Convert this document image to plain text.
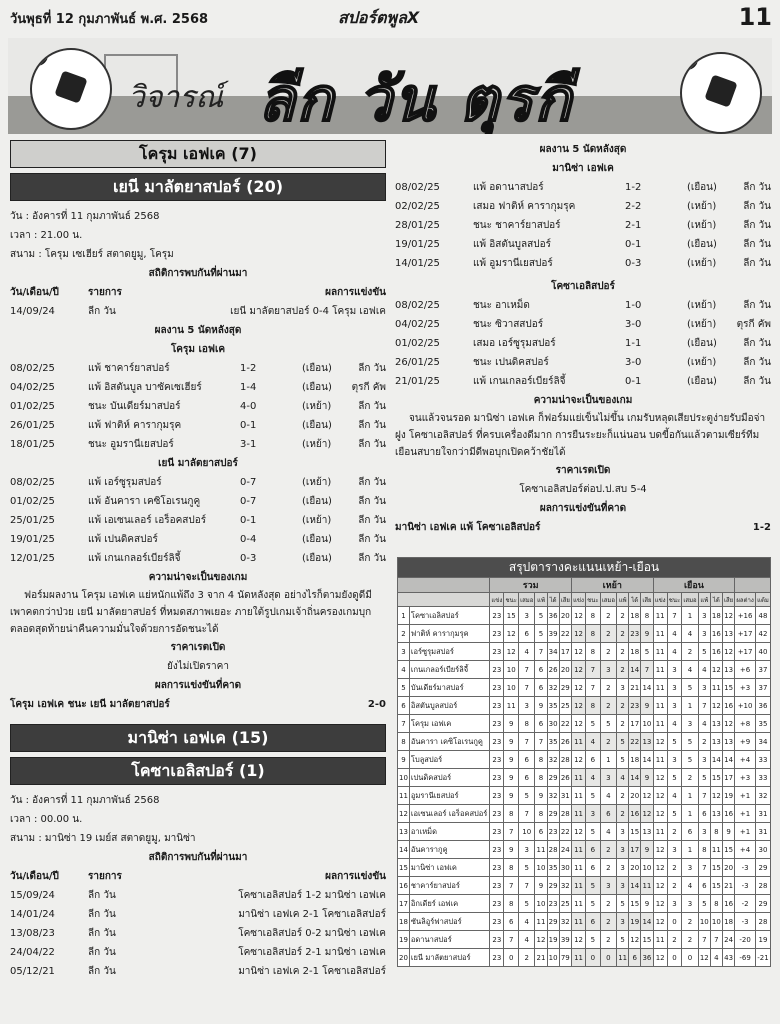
วันพุธที่ 12 กุมภาพันธ์ พ.ศ. 2568	สปอร์ตพูลX	11
วิจารณ์ ลีก วัน ตุรกี
โครุม เอฟเค (7)
เยนี มาลัตยาสปอร์ (20)
วัน : อังคารที่ 11 กุมภาพันธ์ 2568
เวลา : 21.00 น.
สนาม : โครุม เซเฮียร์ สตาดยูมู, โครุม
สถิติการพบกันที่ผ่านมา
วัน/เดือน/ปี	รายการ	ผลการแข่งขัน
14/09/24	ลีก วัน	เยนี มาลัตยาสปอร์ 0-4 โครุม เอฟเค
ผลงาน 5 นัดหลังสุด
โครุม เอฟเค
08/02/25	แพ้ ชาคาร์ยาสปอร์	1-2	(เยือน)	ลีก วัน
04/02/25	แพ้ อิสตันบูล บาซัคเซเฮียร์	1-4	(เยือน) ตุรกี คัพ
01/02/25	ชนะ บันเดียร์มาสปอร์	4-0	(เหย้า)	ลีก วัน
26/01/25	แพ้ ฟาติห์ คารากุมรุค	0-1	(เยือน)	ลีก วัน
18/01/25	ชนะ อูมรานีเยสปอร์	3-1	(เหย้า)	ลีก วัน
เยนี มาลัตยาสปอร์
08/02/25	แพ้ เอร์ซูรุมสปอร์	0-7	(เหย้า)	ลีก วัน
01/02/25	แพ้ อันคารา เคซิโอเรนกูคู	0-7	(เยือน)	ลีก วัน
25/01/25	แพ้ เอเซนเลอร์ เอร็อคสปอร์	0-1	(เหย้า)	ลีก วัน
19/01/25	แพ้ เปนดิคสปอร์	0-4	(เยือน)	ลีก วัน
12/01/25	แพ้ เกนเกลอร์เบียร์ลิจี้	0-3	(เยือน)	ลีก วัน
ความน่าจะเป็นของเกม
ฟอร์มผลงาน โครุม เอฟเค แย่หนักแพ้ถึง 3 จาก 4 นัดหลังสุด อย่างไรก็ตามยังดูดีมีเพาคตกว่าป่วย เยนี มาลัตยาสปอร์ ที่หมดสภาพเยอะ ภายใต้รูปเกมเจ้าถิ่นครองเกมบุกตลอดสุดท้ายน่าคืนความมั่นใจด้วยการอัดชนะได้
ราคาเรตเปิด
ยังไม่เปิดราคา
ผลการแข่งขันที่คาด
โครุม เอฟเค ชนะ เยนี มาลัตยาสปอร์	2-0
มานิซ่า เอฟเค (15)
โคซาเอลิสปอร์ (1)
วัน : อังคารที่ 11 กุมภาพันธ์ 2568
เวลา : 00.00 น.
สนาม : มานิซ่า 19 เมย์ส สตาดยูมู, มานิซ่า
สถิติการพบกันที่ผ่านมา
วัน/เดือน/ปี	รายการ	ผลการแข่งขัน
15/09/24	ลีก วัน	โคซาเอลิสปอร์ 1-2 มานิซ่า เอฟเค
14/01/24	ลีก วัน	มานิซ่า เอฟเค 2-1 โคซาเอลิสปอร์
13/08/23	ลีก วัน	โคซาเอลิสปอร์ 0-2 มานิซ่า เอฟเค
24/04/22	ลีก วัน	โคซาเอลิสปอร์ 2-1 มานิซ่า เอฟเค
05/12/21	ลีก วัน	มานิซ่า เอฟเค 2-1 โคซาเอลิสปอร์
ผลงาน 5 นัดหลังสุด
มานิซ่า เอฟเค
08/02/25	แพ้ อดานาสปอร์	1-2	(เยือน)	ลีก วัน
02/02/25	เสมอ ฟาติห์ คารากุมรุค	2-2	(เหย้า)	ลีก วัน
28/01/25	ชนะ ชาคาร์ยาสปอร์	2-1	(เหย้า)	ลีก วัน
19/01/25	แพ้ อิสตันบูลสปอร์	0-1	(เยือน)	ลีก วัน
14/01/25	แพ้ อูมรานีเยสปอร์	0-3	(เหย้า)	ลีก วัน
โคซาเอลิสปอร์
08/02/25	ชนะ อาเหม็ด	1-0	(เหย้า)	ลีก วัน
04/02/25	ชนะ ซิวาสสปอร์	3-0	(เหย้า) ตุรกี คัพ
01/02/25	เสมอ เอร์ซูรุมสปอร์	1-1	(เยือน)	ลีก วัน
26/01/25	ชนะ เปนดิคสปอร์	3-0	(เหย้า)	ลีก วัน
21/01/25	แพ้ เกนเกลอร์เบียร์ลิจี้	0-1	(เยือน)	ลีก วัน
ความน่าจะเป็นของเกม
จนแล้วจนรอด มานิซ่า เอฟเค ก็ฟอร์มแย่เข็นไม่ขึ้น เกมรับหลุดเสียประตูง่ายรับมือจ่าฝูง โคซาเอลิสปอร์ ที่ครบเครื่องดีมาก การยืนระยะก็แน่นอน บดขี้อกันแล้วตามเซียร์ทีมเยือนสบายใจกว่ามีดีพอบุกเปิดคว้าชัยได้
ราคาเรตเปิด
โคซาเอลิสปอร์ต่อป.ป.สบ 5-4
ผลการแข่งขันที่คาด
มานิซ่า เอฟเค แพ้ โคซาเอลิสปอร์	1-2
สรุปตารางคะแนนเหย้า-เยือน																					
		รวม						เหย้า						เยือน							
		แข่ง	ชนะ	เสมอ	แพ้	ได้	เสีย	แข่ง	ชนะ	เสมอ	แพ้	ได้	เสีย	แข่ง	ชนะ	เสมอ	แพ้	ได้	เสีย	ผลต่าง	แต้ม
1	โคซาเอลิสปอร์	23	15	3	5	36	20	12	8	2	2	18	8	11	7	1	3	18	12	+16	48
2	ฟาติห์ คารากุมรุค	23	12	6	5	39	22	12	8	2	2	23	9	11	4	4	3	16	13	+17	42
3	เอร์ซูรุมสปอร์	23	12	4	7	34	17	12	8	2	2	18	5	11	4	2	5	16	12	+17	40
4	เกนเกลอร์เบียร์ลิจี้	23	10	7	6	26	20	12	7	3	2	14	7	11	3	4	4	12	13	+6	37
5	บันเดียร์มาสปอร์	23	10	7	6	32	29	12	7	2	3	21	14	11	3	5	3	11	15	+3	37
6	อิสตันบูลสปอร์	23	11	3	9	35	25	12	8	2	2	23	9	11	3	1	7	12	16	+10	36
7	โครุม เอฟเค	23	9	8	6	30	22	12	5	5	2	17	10	11	4	3	4	13	12	+8	35
8	อันคารา เคซิโอเรนกูคู	23	9	7	7	35	26	11	4	2	5	22	13	12	5	5	2	13	13	+9	34
9	โบลูสปอร์	23	9	6	8	32	28	12	6	1	5	18	14	11	3	5	3	14	14	+4	33
10	เปนดิคสปอร์	23	9	6	8	29	26	11	4	3	4	14	9	12	5	2	5	15	17	+3	33
11	อูมรานีเยสปอร์	23	9	5	9	32	31	11	5	4	2	20	12	12	4	1	7	12	19	+1	32
12	เอเซนเลอร์ เอร็อคสปอร์	23	8	7	8	29	28	11	3	6	2	16	12	12	5	1	6	13	16	+1	31
13	อาเหม็ด	23	7	10	6	23	22	12	5	4	3	15	13	11	2	6	3	8	9	+1	31
14	อันคารากูคู	23	9	3	11	28	24	11	6	2	3	17	9	12	3	1	8	11	15	+4	30
15	มานิซ่า เอฟเค	23	8	5	10	35	30	11	6	2	3	20	10	12	2	3	7	15	20	-3	29
16	ชาคาร์ยาสปอร์	23	7	7	9	29	32	11	5	3	3	14	11	12	2	4	6	15	21	-3	28
17	อิกเดียร์ เอฟเค	23	8	5	10	23	25	11	5	2	5	15	9	12	3	3	5	8	16	-2	29
18	ซันลิอูร์ฟาสปอร์	23	6	4	11	29	32	11	6	2	3	19	14	12	0	2	10	10	18	-3	28
19	อดานาสปอร์	23	7	4	12	19	39	12	5	2	5	12	15	11	2	2	7	7	24	-20	19
20	เยนี มาลัตยาสปอร์	23	0	2	21	10	79	11	0	0	11	6	36	12	0	0	12	4	43	-69	-21
